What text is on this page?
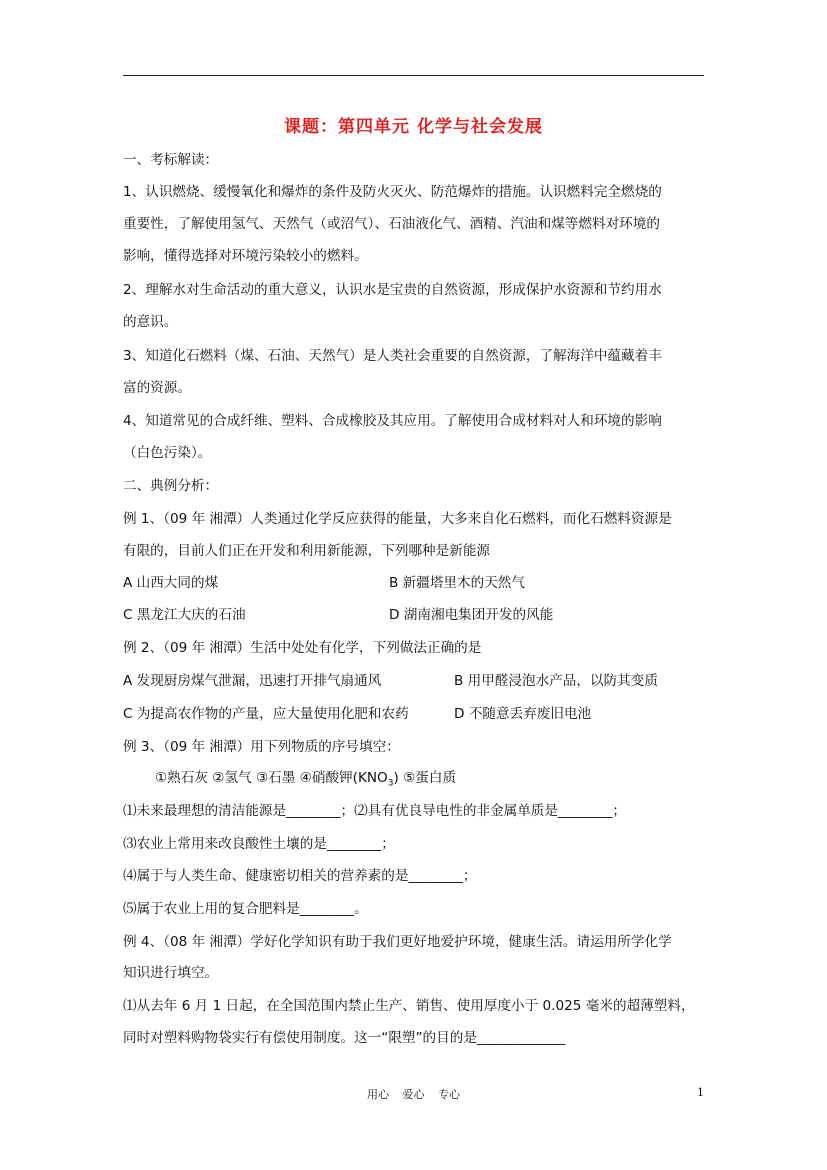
课题：第四单元 化学与社会发展
一、考标解读：
1、认识燃烧、缓慢氧化和爆炸的条件及防火灭火、防范爆炸的措施。认识燃料完全燃烧的
重要性，了解使用氢气、天然气（或沼气）、石油液化气、酒精、汽油和煤等燃料对环境的
影响，懂得选择对环境污染较小的燃料。
2、理解水对生命活动的重大意义，认识水是宝贵的自然资源，形成保护水资源和节约用水
的意识。
3、知道化石燃料（煤、石油、天然气）是人类社会重要的自然资源，了解海洋中蕴藏着丰
富的资源。
4、知道常见的合成纤维、塑料、合成橡胶及其应用。了解使用合成材料对人和环境的影响
（白色污染）。
二、典例分析：
例 1、（09 年 湘潭）人类通过化学反应获得的能量，大多来自化石燃料，而化石燃料资源是
有限的，目前人们正在开发和利用新能源，下列哪种是新能源
A 山西大同的煤	B 新疆塔里木的天然气
C 黑龙江大庆的石油	D 湖南湘电集团开发的风能
例 2、（09 年 湘潭）生活中处处有化学，下列做法正确的是
A 发现厨房煤气泄漏，迅速打开排气扇通风	B 用甲醛浸泡水产品，以防其变质
C 为提高农作物的产量，应大量使用化肥和农药	D 不随意丢弃废旧电池
例 3、（09 年 湘潭）用下列物质的序号填空：
①熟石灰 ②氢气 ③石墨 ④硝酸钾$(KNO_3)$ ⑤蛋白质
⑴未来最理想的清洁能源是________；⑵具有优良导电性的非金属单质是________；
⑶农业上常用来改良酸性土壤的是________；
⑷属于与人类生命、健康密切相关的营养素的是________；
⑸属于农业上用的复合肥料是________。
例 4、（08 年 湘潭）学好化学知识有助于我们更好地爱护环境，健康生活。请运用所学化学
知识进行填空。
⑴从去年 6 月 1 日起，在全国范围内禁止生产、销售、使用厚度小于 0.025 毫米的超薄塑料，
同时对塑料购物袋实行有偿使用制度。这一“限塑”的目的是_____________
用心 爱心 专心	1
